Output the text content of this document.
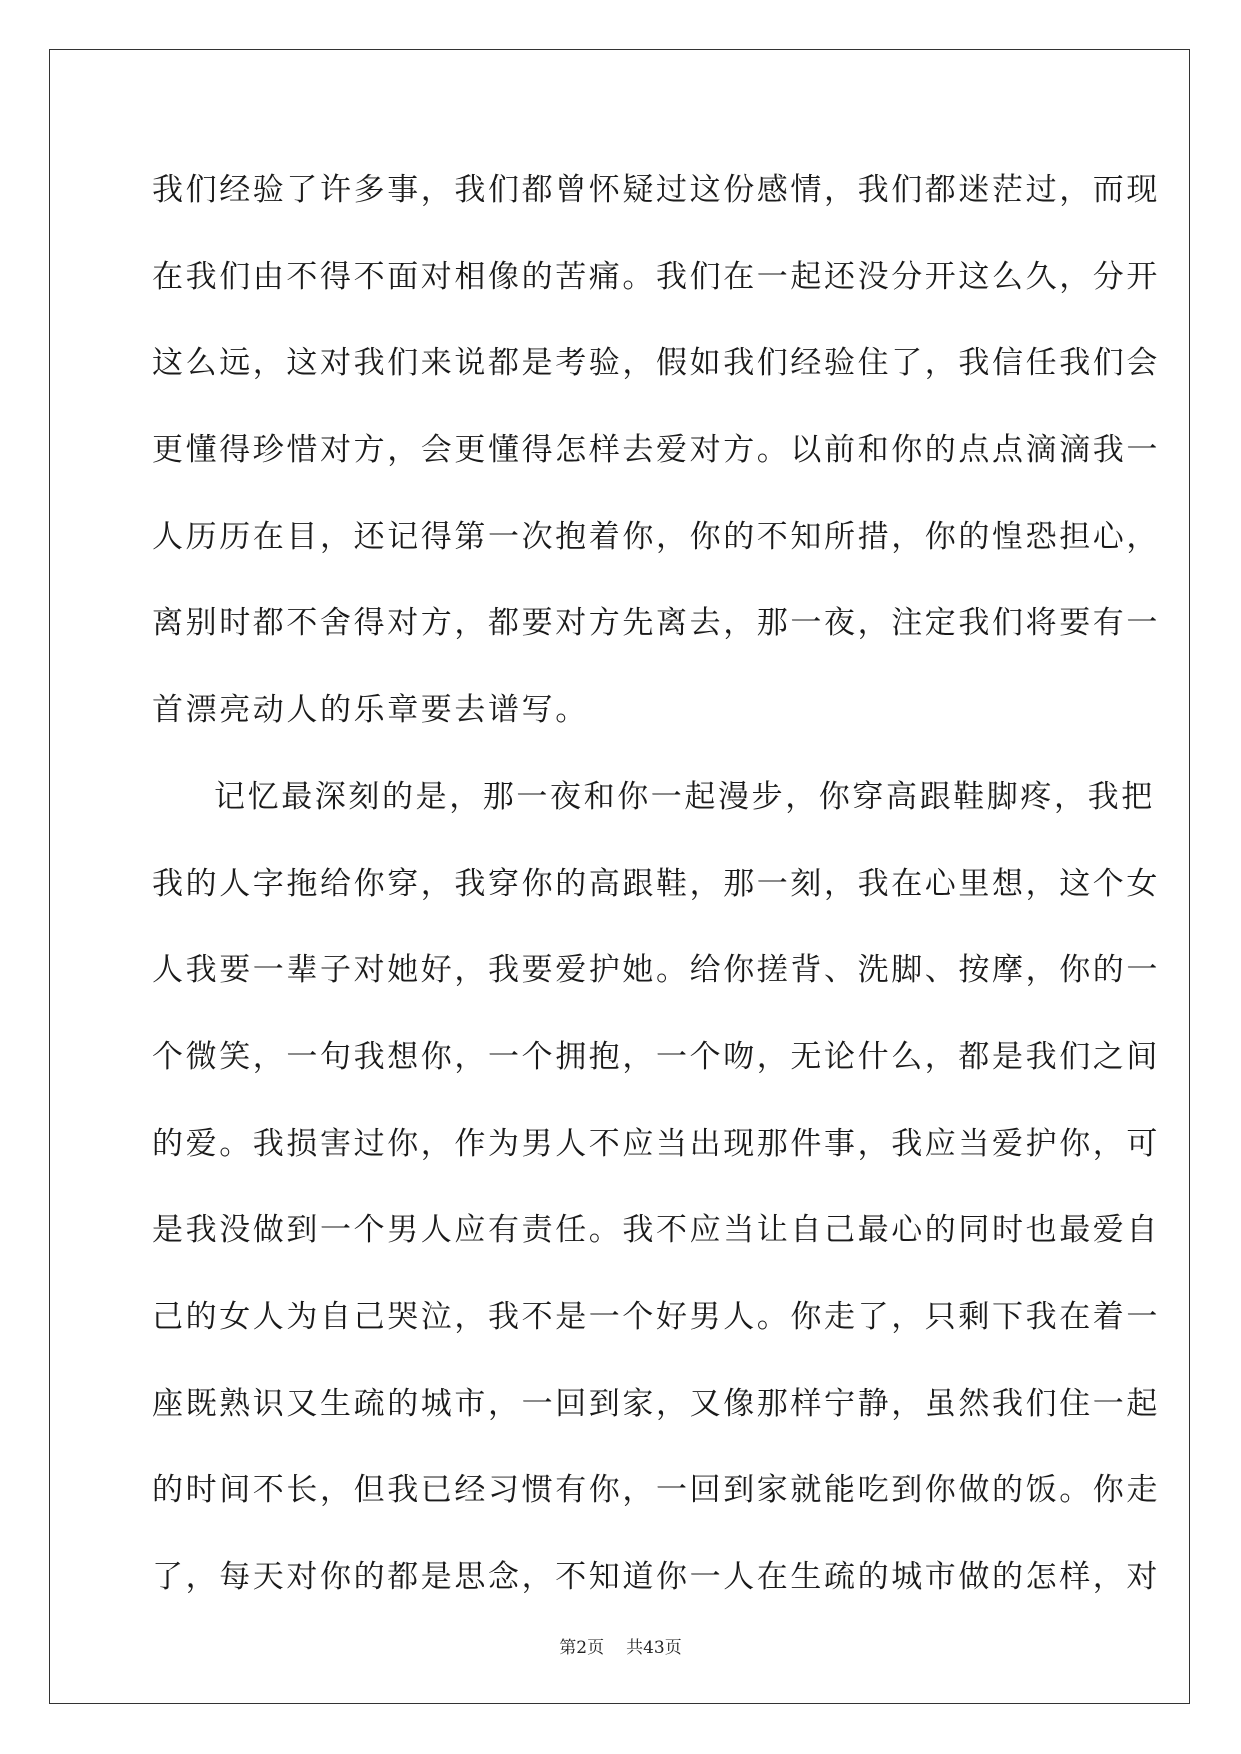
我们经验了许多事，我们都曾怀疑过这份感情，我们都迷茫过，而现
在我们由不得不面对相像的苦痛。我们在一起还没分开这么久，分开
这么远，这对我们来说都是考验，假如我们经验住了，我信任我们会
更懂得珍惜对方，会更懂得怎样去爱对方。以前和你的点点滴滴我一
人历历在目，还记得第一次抱着你，你的不知所措，你的惶恐担心，
离别时都不舍得对方，都要对方先离去，那一夜，注定我们将要有一
首漂亮动人的乐章要去谱写。
记忆最深刻的是，那一夜和你一起漫步，你穿高跟鞋脚疼，我把
我的人字拖给你穿，我穿你的高跟鞋，那一刻，我在心里想，这个女
人我要一辈子对她好，我要爱护她。给你搓背、洗脚、按摩，你的一
个微笑，一句我想你，一个拥抱，一个吻，无论什么，都是我们之间
的爱。我损害过你，作为男人不应当出现那件事，我应当爱护你，可
是我没做到一个男人应有责任。我不应当让自己最心的同时也最爱自
己的女人为自己哭泣，我不是一个好男人。你走了，只剩下我在着一
座既熟识又生疏的城市，一回到家，又像那样宁静，虽然我们住一起
的时间不长，但我已经习惯有你，一回到家就能吃到你做的饭。你走
了，每天对你的都是思念，不知道你一人在生疏的城市做的怎样，对
第2页 共43页
